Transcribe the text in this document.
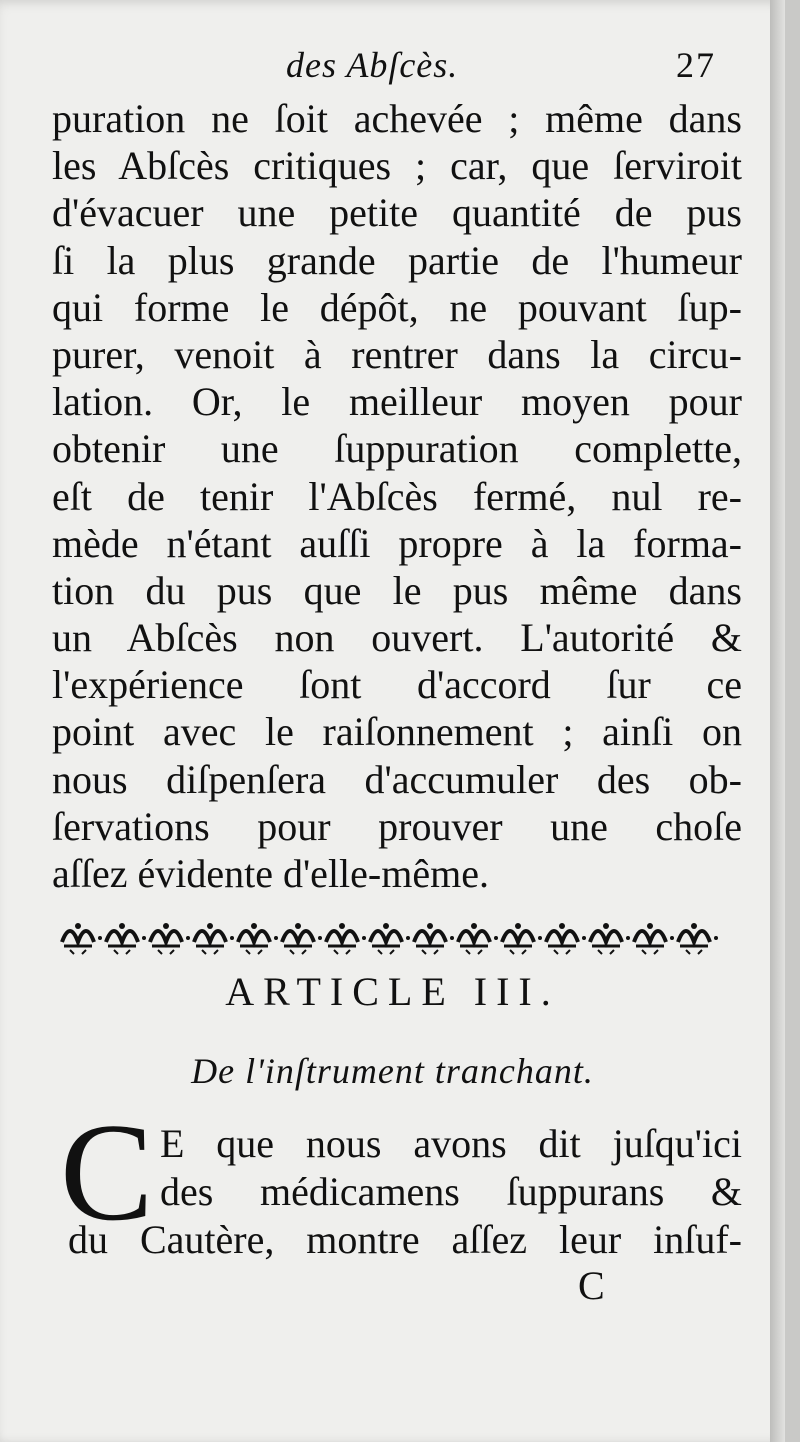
des Abſcès.	27
puration ne ſoit achevée ; même dans
les Abſcès critiques ; car, que ſerviroit
d'évacuer une petite quantité de pus
ſi la plus grande partie de l'humeur
qui forme le dépôt, ne pouvant ſup-
purer, venoit à rentrer dans la circu-
lation. Or, le meilleur moyen pour
obtenir une ſuppuration complette,
eſt de tenir l'Abſcès fermé, nul re-
mède n'étant auſſi propre à la forma-
tion du pus que le pus même dans
un Abſcès non ouvert. L'autorité &
l'expérience ſont d'accord ſur ce
point avec le raiſonnement ; ainſi on
nous diſpenſera d'accumuler des ob-
ſervations pour prouver une choſe
aſſez évidente d'elle-même.
ARTICLE III.
De l'inſtrument tranchant.
C E que nous avons dit juſqu'ici
des médicamens ſuppurans &
du Cautère, montre aſſez leur inſuf-
C
